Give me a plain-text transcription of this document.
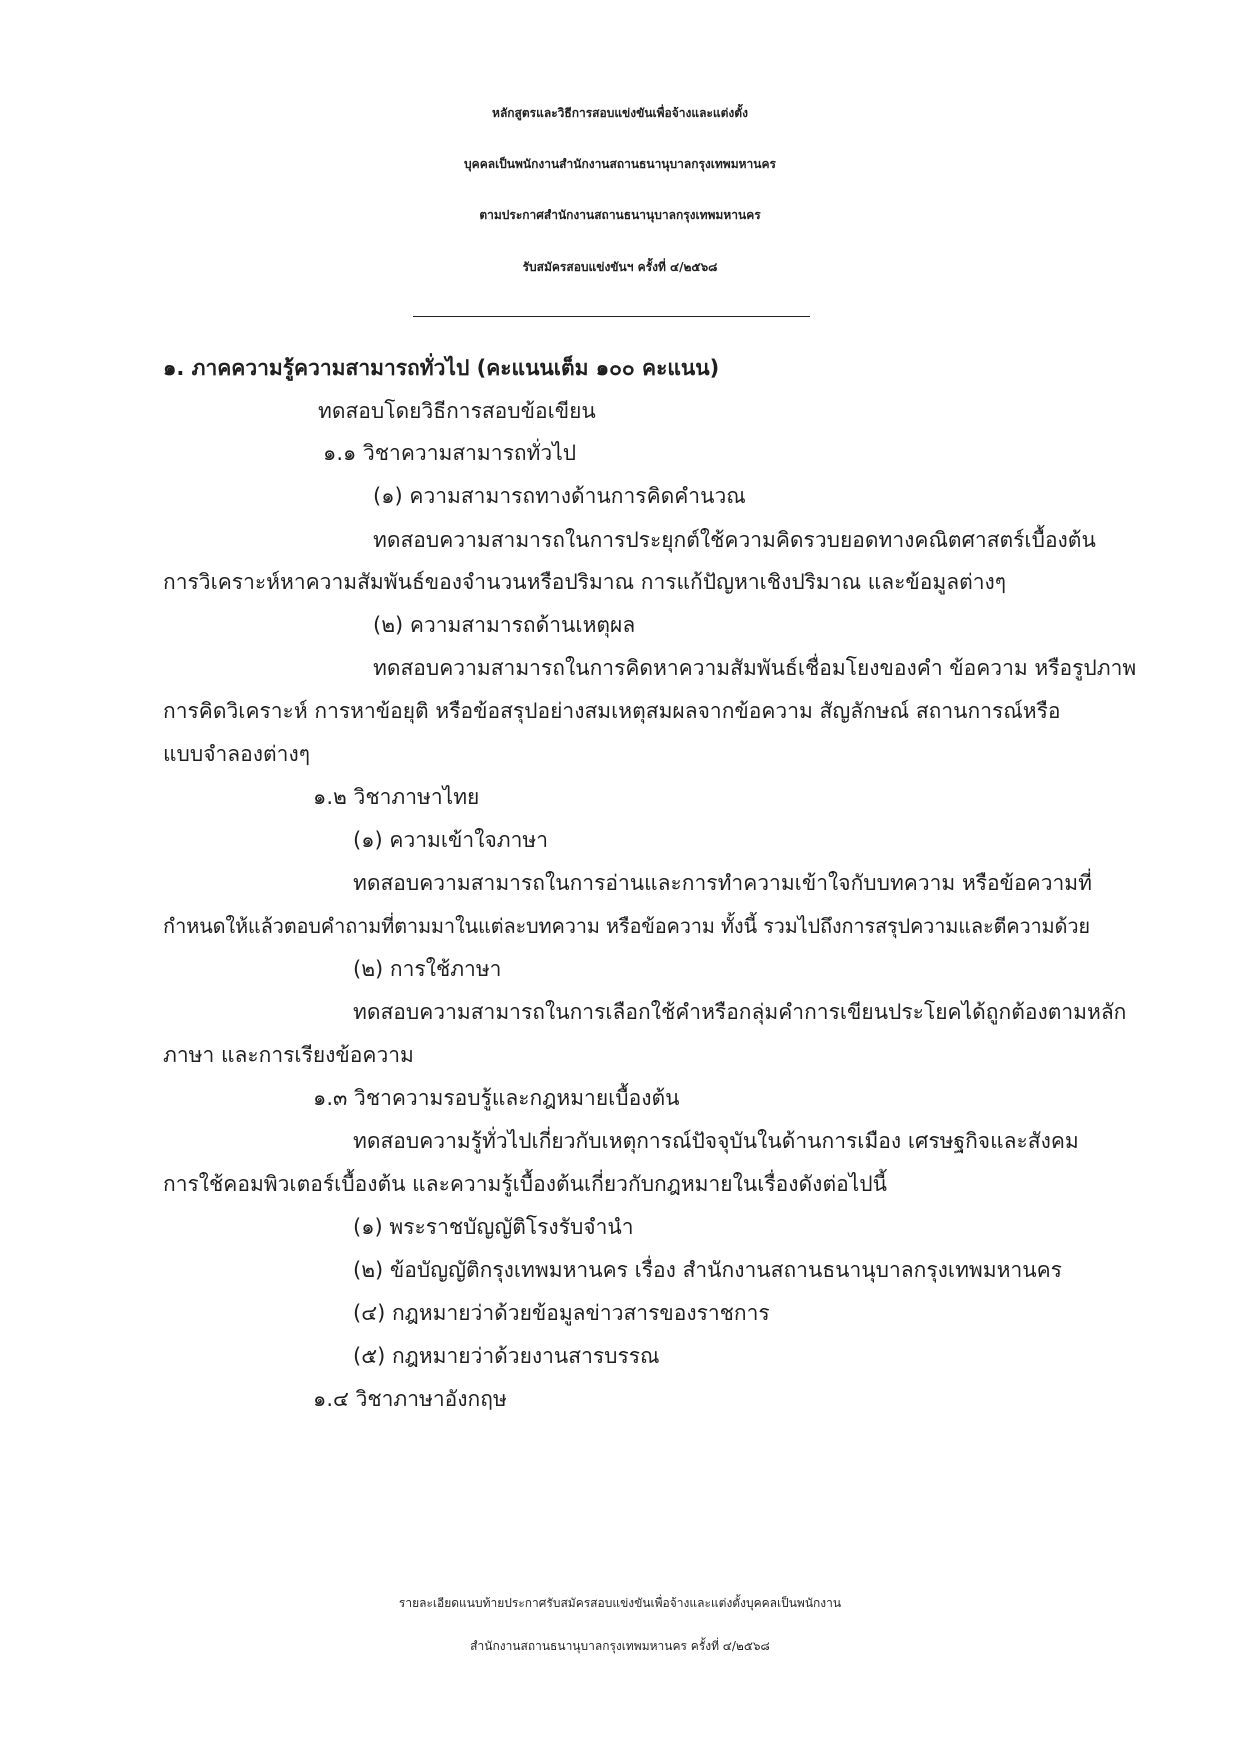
หลักสูตรและวิธีการสอบแข่งขันเพื่อจ้างและแต่งตั้ง
บุคคลเป็นพนักงานสำนักงานสถานธนานุบาลกรุงเทพมหานคร
ตามประกาศสำนักงานสถานธนานุบาลกรุงเทพมหานคร
รับสมัครสอบแข่งขันฯ ครั้งที่ ๔/๒๕๖๘
๑. ภาคความรู้ความสามารถทั่วไป (คะแนนเต็ม ๑๐๐ คะแนน)
ทดสอบโดยวิธีการสอบข้อเขียน
๑.๑ วิชาความสามารถทั่วไป
(๑) ความสามารถทางด้านการคิดคำนวณ
ทดสอบความสามารถในการประยุกต์ใช้ความคิดรวบยอดทางคณิตศาสตร์เบื้องต้น
การวิเคราะห์หาความสัมพันธ์ของจำนวนหรือปริมาณ การแก้ปัญหาเชิงปริมาณ และข้อมูลต่างๆ
(๒) ความสามารถด้านเหตุผล
ทดสอบความสามารถในการคิดหาความสัมพันธ์เชื่อมโยงของคำ ข้อความ หรือรูปภาพ
การคิดวิเคราะห์ การหาข้อยุติ หรือข้อสรุปอย่างสมเหตุสมผลจากข้อความ สัญลักษณ์ สถานการณ์หรือ
แบบจำลองต่างๆ
๑.๒ วิชาภาษาไทย
(๑) ความเข้าใจภาษา
ทดสอบความสามารถในการอ่านและการทำความเข้าใจกับบทความ หรือข้อความที่
กำหนดให้แล้วตอบคำถามที่ตามมาในแต่ละบทความ หรือข้อความ ทั้งนี้ รวมไปถึงการสรุปความและตีความด้วย
(๒) การใช้ภาษา
ทดสอบความสามารถในการเลือกใช้คำหรือกลุ่มคำการเขียนประโยคได้ถูกต้องตามหลัก
ภาษา และการเรียงข้อความ
๑.๓ วิชาความรอบรู้และกฎหมายเบื้องต้น
ทดสอบความรู้ทั่วไปเกี่ยวกับเหตุการณ์ปัจจุบันในด้านการเมือง เศรษฐกิจและสังคม
การใช้คอมพิวเตอร์เบื้องต้น และความรู้เบื้องต้นเกี่ยวกับกฎหมายในเรื่องดังต่อไปนี้
(๑) พระราชบัญญัติโรงรับจำนำ
(๒) ข้อบัญญัติกรุงเทพมหานคร เรื่อง สำนักงานสถานธนานุบาลกรุงเทพมหานคร
(๔) กฎหมายว่าด้วยข้อมูลข่าวสารของราชการ
(๕) กฎหมายว่าด้วยงานสารบรรณ
๑.๔ วิชาภาษาอังกฤษ
รายละเอียดแนบท้ายประกาศรับสมัครสอบแข่งขันเพื่อจ้างและแต่งตั้งบุคคลเป็นพนักงาน
สำนักงานสถานธนานุบาลกรุงเทพมหานคร ครั้งที่ ๔/๒๕๖๘
